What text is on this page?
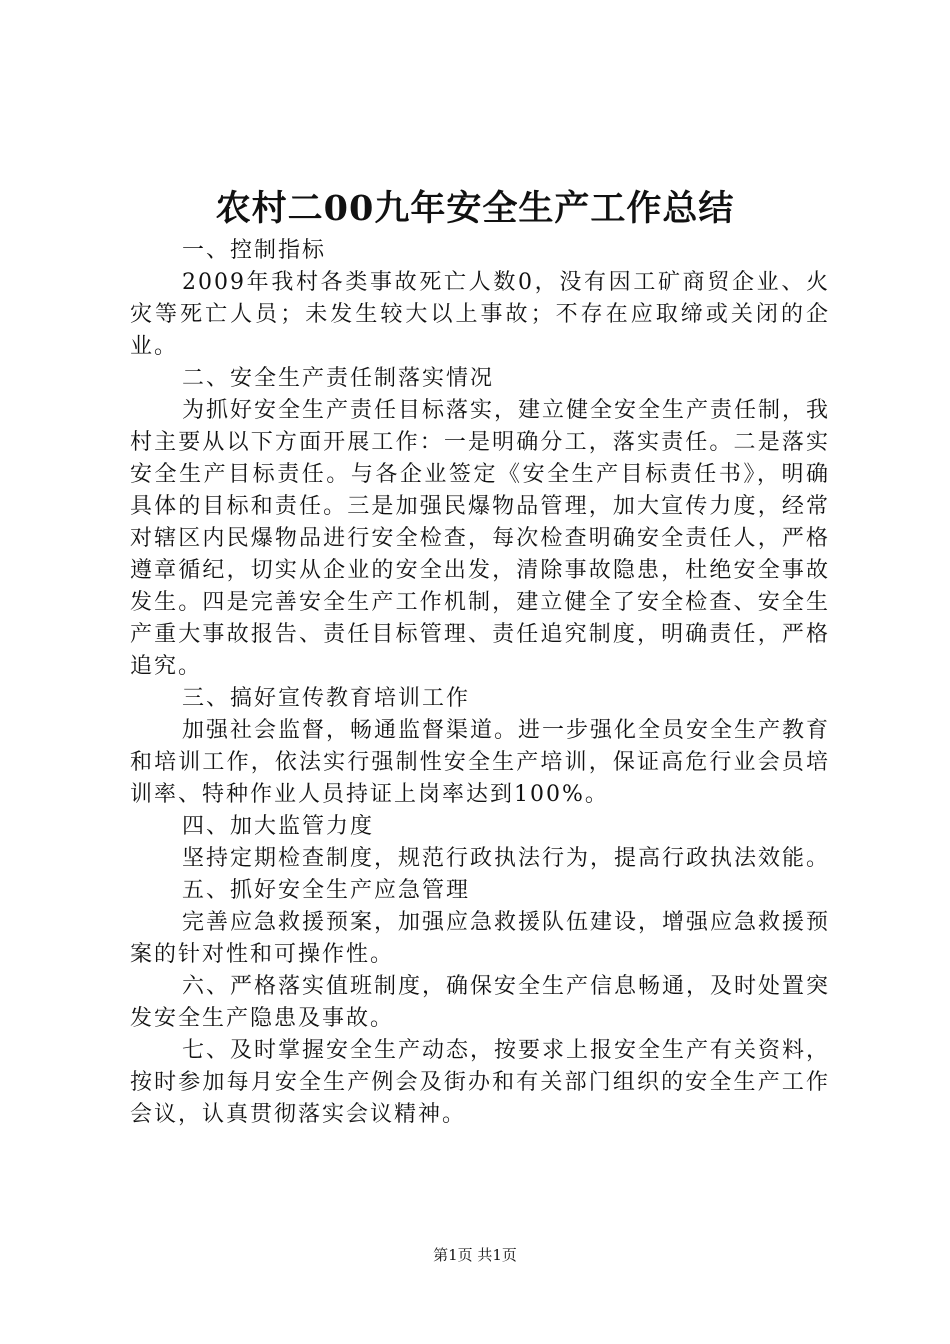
农村二00九年安全生产工作总结

一、控制指标

2009年我村各类事故死亡人数0，没有因工矿商贸企业、火灾等死亡人员；未发生较大以上事故；不存在应取缔或关闭的企业。

二、安全生产责任制落实情况

为抓好安全生产责任目标落实，建立健全安全生产责任制，我村主要从以下方面开展工作：一是明确分工，落实责任。二是落实安全生产目标责任。与各企业签定《安全生产目标责任书》，明确具体的目标和责任。三是加强民爆物品管理，加大宣传力度，经常对辖区内民爆物品进行安全检查，每次检查明确安全责任人，严格遵章循纪，切实从企业的安全出发，清除事故隐患，杜绝安全事故发生。四是完善安全生产工作机制，建立健全了安全检查、安全生产重大事故报告、责任目标管理、责任追究制度，明确责任，严格追究。

三、搞好宣传教育培训工作

加强社会监督，畅通监督渠道。进一步强化全员安全生产教育和培训工作，依法实行强制性安全生产培训，保证高危行业会员培训率、特种作业人员持证上岗率达到100%。

四、加大监管力度

坚持定期检查制度，规范行政执法行为，提高行政执法效能。

五、抓好安全生产应急管理

完善应急救援预案，加强应急救援队伍建设，增强应急救援预案的针对性和可操作性。

六、严格落实值班制度，确保安全生产信息畅通，及时处置突发安全生产隐患及事故。

七、及时掌握安全生产动态，按要求上报安全生产有关资料，按时参加每月安全生产例会及街办和有关部门组织的安全生产工作会议，认真贯彻落实会议精神。

第1页 共1页
